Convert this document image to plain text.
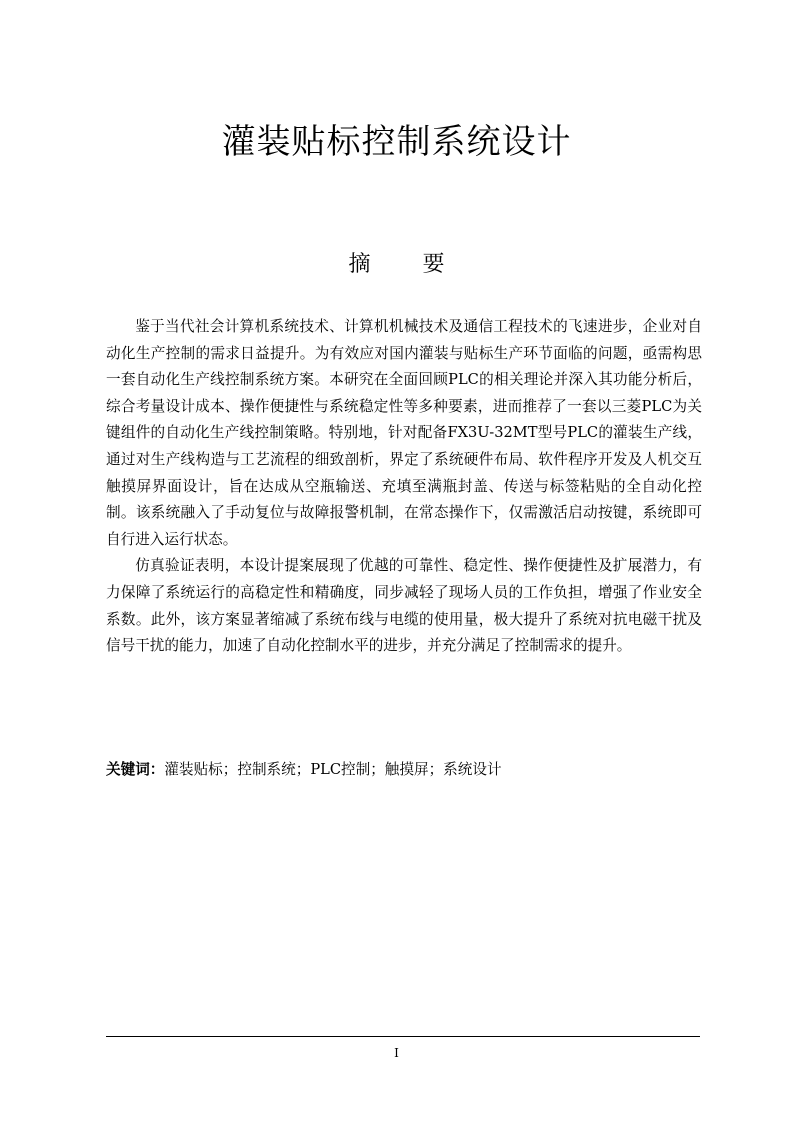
灌装贴标控制系统设计
摘 要

鉴于当代社会计算机系统技术、计算机机械技术及通信工程技术的飞速进步，企业对自动化生产控制的需求日益提升。为有效应对国内灌装与贴标生产环节面临的问题，亟需构思一套自动化生产线控制系统方案。本研究在全面回顾PLC的相关理论并深入其功能分析后，综合考量设计成本、操作便捷性与系统稳定性等多种要素，进而推荐了一套以三菱PLC为关键组件的自动化生产线控制策略。特别地，针对配备FX3U-32MT型号PLC的灌装生产线，通过对生产线构造与工艺流程的细致剖析，界定了系统硬件布局、软件程序开发及人机交互触摸屏界面设计，旨在达成从空瓶输送、充填至满瓶封盖、传送与标签粘贴的全自动化控制。该系统融入了手动复位与故障报警机制，在常态操作下，仅需激活启动按键，系统即可自行进入运行状态。

仿真验证表明，本设计提案展现了优越的可靠性、稳定性、操作便捷性及扩展潜力，有力保障了系统运行的高稳定性和精确度，同步减轻了现场人员的工作负担，增强了作业安全系数。此外，该方案显著缩减了系统布线与电缆的使用量，极大提升了系统对抗电磁干扰及信号干扰的能力，加速了自动化控制水平的进步，并充分满足了控制需求的提升。

关键词：灌装贴标；控制系统；PLC控制；触摸屏；系统设计

I
